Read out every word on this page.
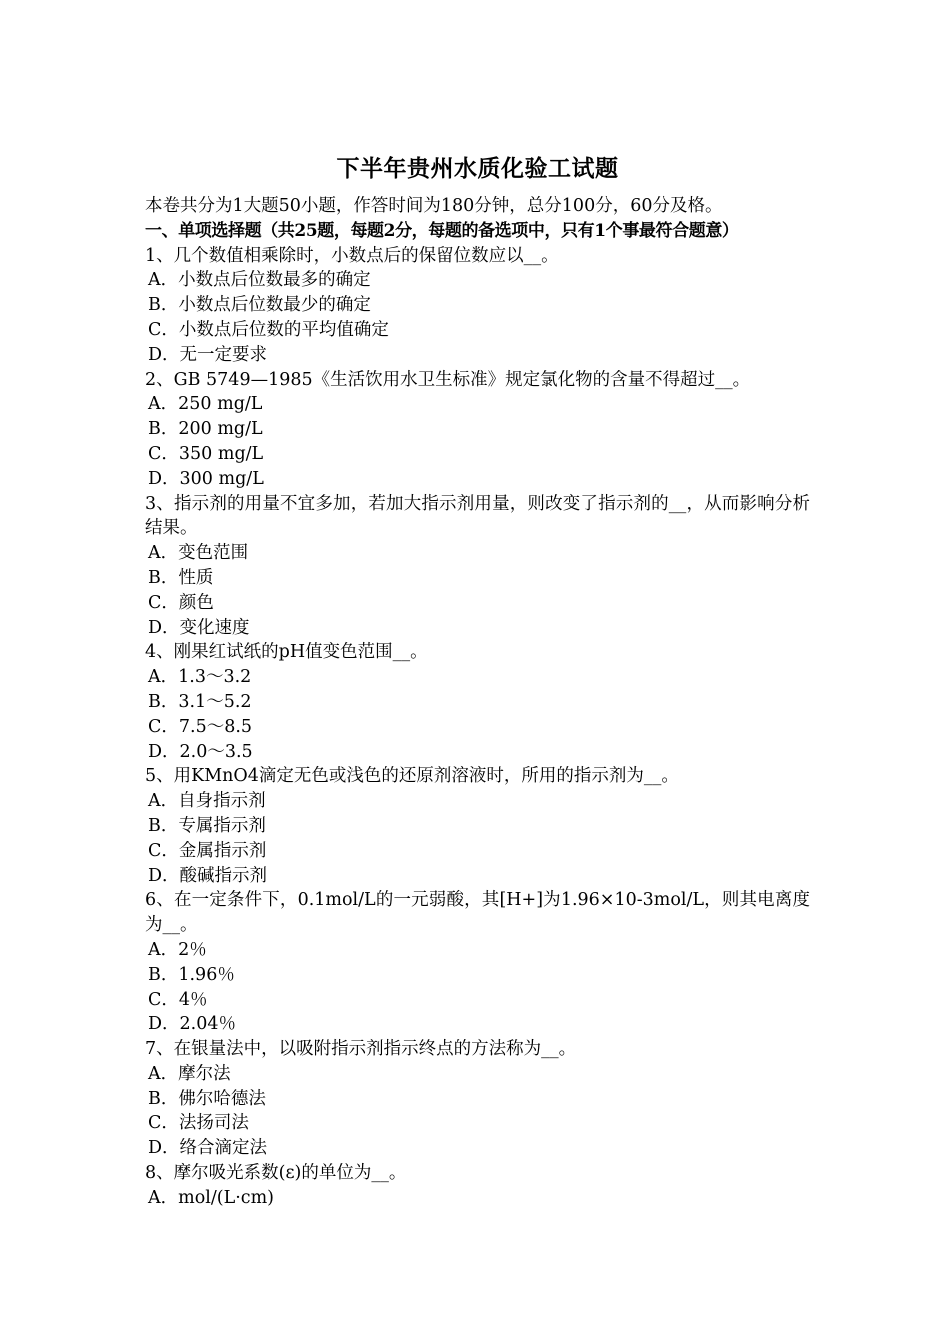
下半年贵州水质化验工试题
本卷共分为1大题50小题，作答时间为180分钟，总分100分，60分及格。
一、单项选择题（共25题，每题2分，每题的备选项中，只有1个事最符合题意）
1、几个数值相乘除时，小数点后的保留位数应以__。
A．小数点后位数最多的确定
B．小数点后位数最少的确定
C．小数点后位数的平均值确定
D．无一定要求
2、GB 5749—1985《生活饮用水卫生标准》规定氯化物的含量不得超过__。
A．250 mg/L
B．200 mg/L
C．350 mg/L
D．300 mg/L
3、指示剂的用量不宜多加，若加大指示剂用量，则改变了指示剂的__，从而影响分析结果。
A．变色范围
B．性质
C．颜色
D．变化速度
4、刚果红试纸的pH值变色范围__。
A．1.3～3.2
B．3.1～5.2
C．7.5～8.5
D．2.0～3.5
5、用KMnO4滴定无色或浅色的还原剂溶液时，所用的指示剂为__。
A．自身指示剂
B．专属指示剂
C．金属指示剂
D．酸碱指示剂
6、在一定条件下，0.1mol/L的一元弱酸，其[H+]为1.96×10-3mol/L，则其电离度为__。
A．2％
B．1.96％
C．4％
D．2.04％
7、在银量法中，以吸附指示剂指示终点的方法称为__。
A．摩尔法
B．佛尔哈德法
C．法扬司法
D．络合滴定法
8、摩尔吸光系数(ε)的单位为__。
A．mol/(L·cm)
